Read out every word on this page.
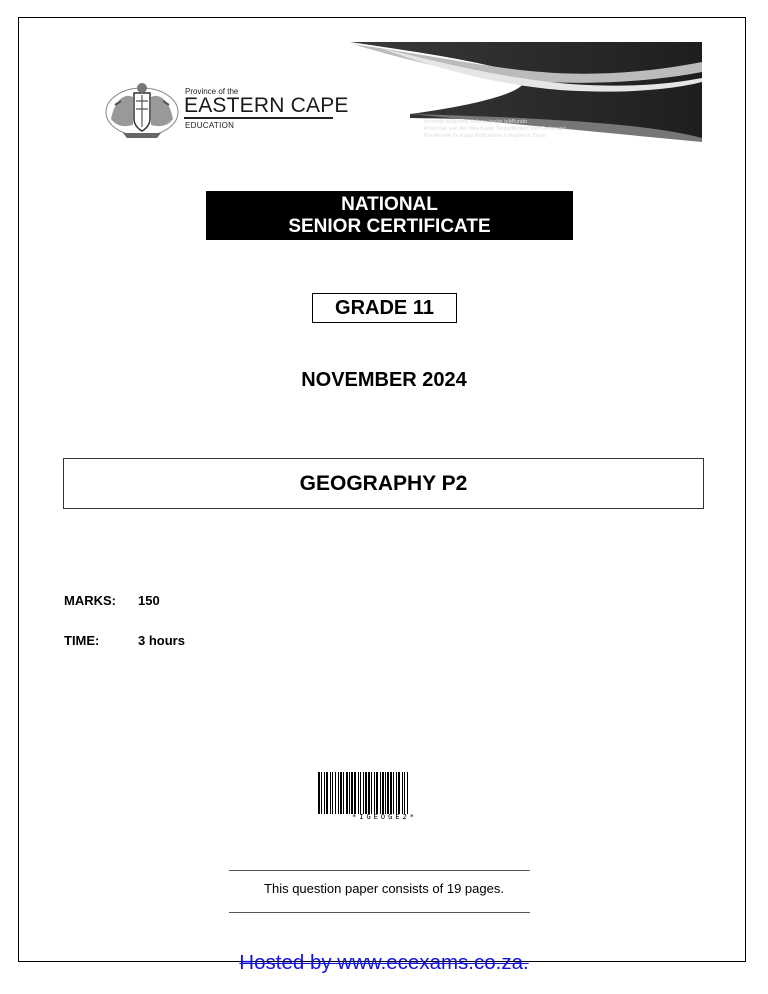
Province of the
EASTERN CAPE
EDUCATION	Iphondo leMpuma Koloni: Isebe leMfundo
Provinsie van die Oos-Kaap: Departement van Onderwys
Porofensie Ya Kapa Botjhabela: Lefapha la Thuto
NATIONAL
SENIOR CERTIFICATE
GRADE 11
NOVEMBER 2024
GEOGRAPHY P2
MARKS: 150
TIME:	3 hours
*IGEOGE2*
This question paper consists of 19 pages.
Hosted by www.ecexams.co.za.
